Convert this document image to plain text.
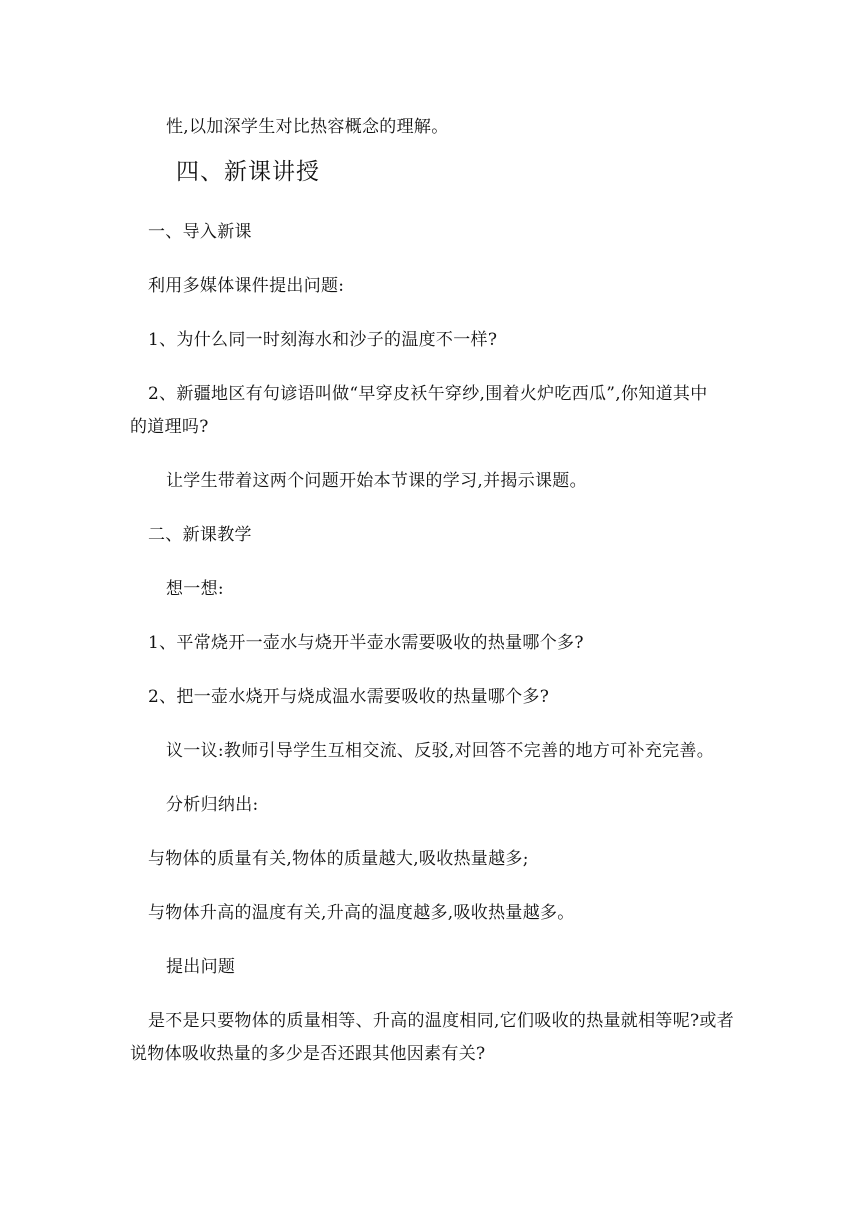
性,以加深学生对比热容概念的理解。
四、新课讲授
一、导入新课
利用多媒体课件提出问题:
1、为什么同一时刻海水和沙子的温度不一样?
2、新疆地区有句谚语叫做“早穿皮袄午穿纱,围着火炉吃西瓜”,你知道其中
的道理吗?
让学生带着这两个问题开始本节课的学习,并揭示课题。
二、新课教学
想一想:
1、平常烧开一壶水与烧开半壶水需要吸收的热量哪个多?
2、把一壶水烧开与烧成温水需要吸收的热量哪个多?
议一议:教师引导学生互相交流、反驳,对回答不完善的地方可补充完善。
分析归纳出:
与物体的质量有关,物体的质量越大,吸收热量越多;
与物体升高的温度有关,升高的温度越多,吸收热量越多。
提出问题
是不是只要物体的质量相等、升高的温度相同,它们吸收的热量就相等呢?或者
说物体吸收热量的多少是否还跟其他因素有关?
